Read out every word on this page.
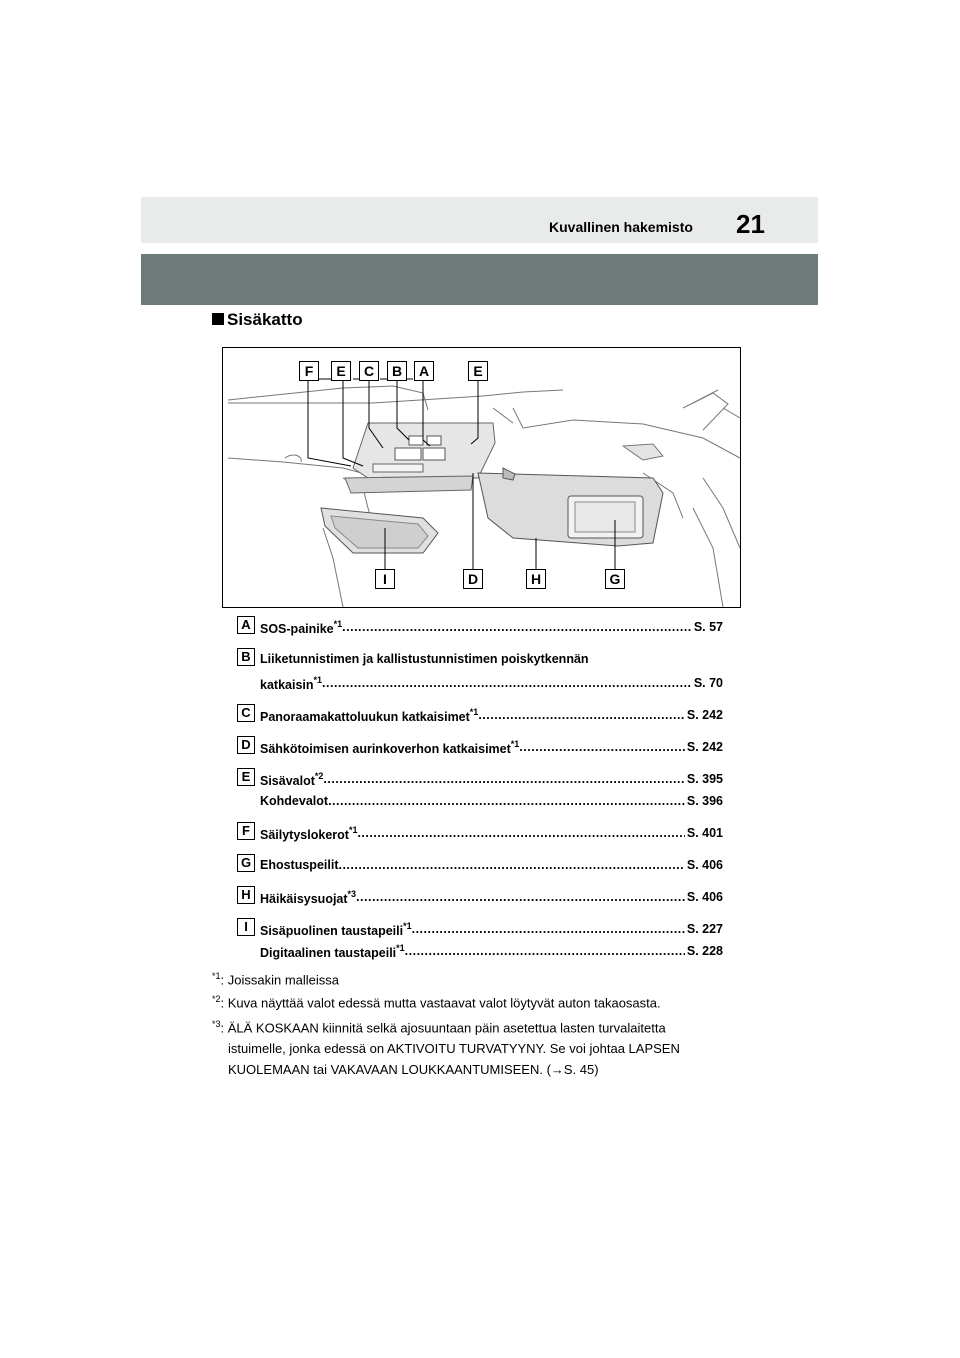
Kuvallinen hakemisto 21
Sisäkatto
F	E	C	B	A	E
I	D	H	G
A SOS-painike$^{*1}$ .....	S. 57
B Liiketunnistimen ja kallistustunnistimen poiskytkennän
katkaisin$^{*1}$ .....	S. 70
C Panoraamakattoluukun katkaisimet$^{*1}$ .....	S. 242
D Sähkötoimisen aurinkoverhon katkaisimet$^{*1}$ .....	S. 242
E Sisävalot$^{*2}$ .....	S. 395
Kohdevalot .....	S. 396
F Säilytyslokerot$^{*1}$ .....	S. 401
G Ehostuspeilit .....	S. 406
H Häikäisysuojat$^{*3}$ .....	S. 406
I Sisäpuolinen taustapeili$^{*1}$ .....	S. 227
Digitaalinen taustapeili$^{*1}$ .....	S. 228
$^{*1}$: Joissakin malleissa
$^{*2}$: Kuva näyttää valot edessä mutta vastaavat valot löytyvät auton takaosasta.
$^{*3}$: ÄLÄ KOSKAAN kiinnitä selkä ajosuuntaan päin asetettua lasten turvalaitetta
istuimelle, jonka edessä on AKTIVOITU TURVATYYNY. Se voi johtaa LAPSEN KUOLEMAAN tai VAKAVAAN LOUKKAANTUMISEEN. (→S. 45)
